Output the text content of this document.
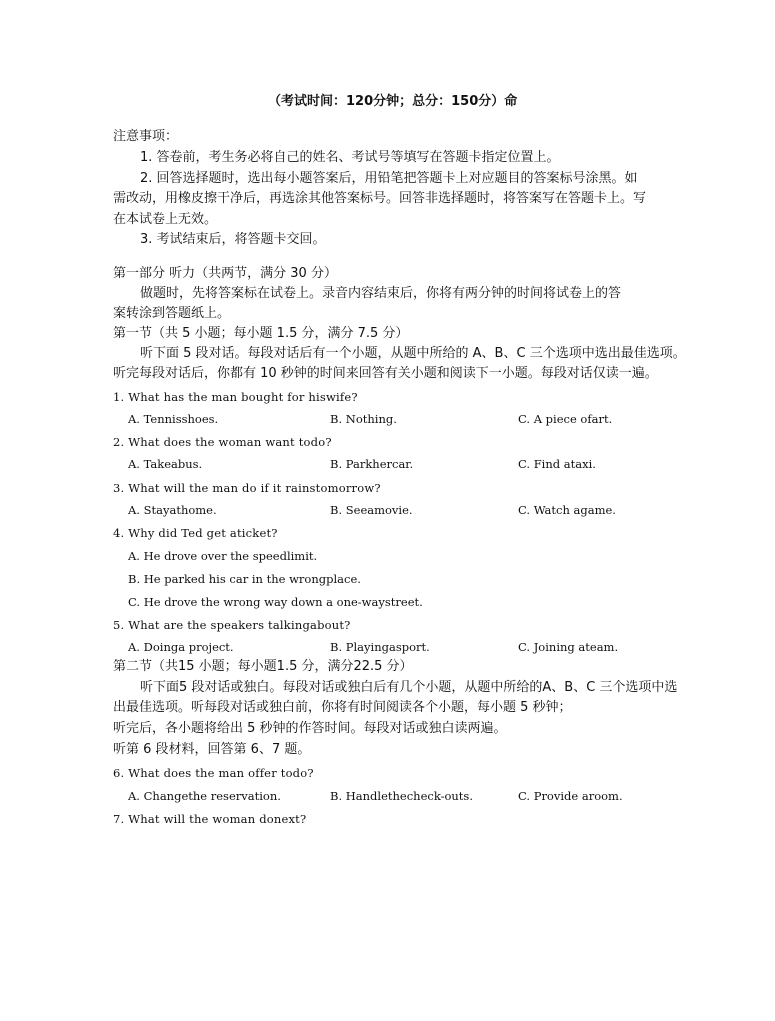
（考试时间：120分钟；总分：150分）命
注意事项：
1. 答卷前，考生务必将自己的姓名、考试号等填写在答题卡指定位置上。
2. 回答选择题时，选出每小题答案后，用铅笔把答题卡上对应题目的答案标号涂黑。如
需改动，用橡皮擦干净后，再选涂其他答案标号。回答非选择题时，将答案写在答题卡上。写
在本试卷上无效。
3. 考试结束后，将答题卡交回。
第一部分 听力（共两节，满分 30 分）
做题时，先将答案标在试卷上。录音内容结束后，你将有两分钟的时间将试卷上的答
案转涂到答题纸上。
第一节（共 5 小题；每小题 1.5 分，满分 7.5 分）
听下面 5 段对话。每段对话后有一个小题，从题中所给的 A、B、C 三个选项中选出最佳选项。
听完每段对话后，你都有 10 秒钟的时间来回答有关小题和阅读下一小题。每段对话仅读一遍。
1. What has the man bought for hiswife?
A. Tennisshoes.	B. Nothing.	C. A piece ofart.
2. What does the woman want todo?
A. Takeabus.	B. Parkhercar.	C. Find ataxi.
3. What will the man do if it rainstomorrow?
A. Stayathome.	B. Seeamovie.	C. Watch agame.
4. Why did Ted get aticket?
A. He drove over the speedlimit.
B. He parked his car in the wrongplace.
C. He drove the wrong way down a one-waystreet.
5. What are the speakers talkingabout?
A. Doinga project.	B. Playingasport.	C. Joining ateam.
第二节（共15 小题；每小题1.5 分，满分22.5 分）
听下面5 段对话或独白。每段对话或独白后有几个小题，从题中所给的A、B、C 三个选项中选
出最佳选项。听每段对话或独白前，你将有时间阅读各个小题，每小题 5 秒钟；
听完后，各小题将给出 5 秒钟的作答时间。每段对话或独白读两遍。
听第 6 段材料，回答第 6、7 题。
6. What does the man offer todo?
A. Changethe reservation.	B. Handlethecheck-outs.	C. Provide aroom.
7. What will the woman donext?
